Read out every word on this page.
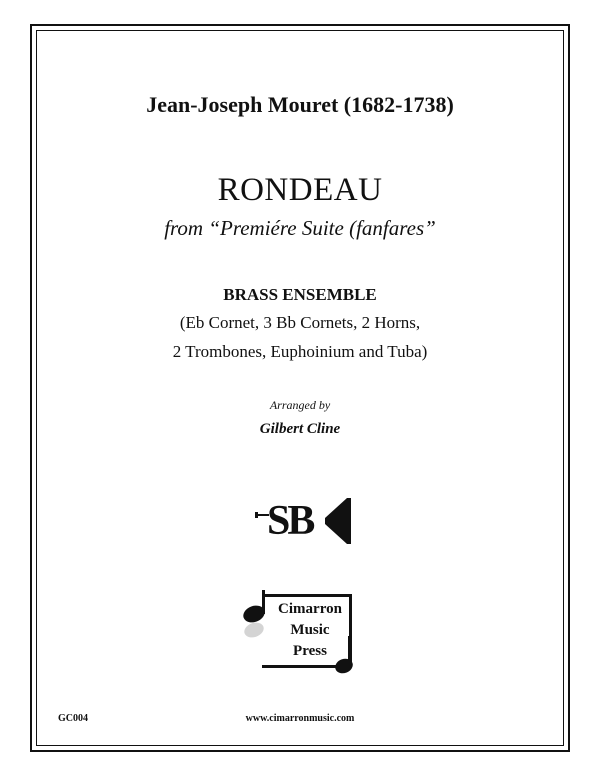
Jean-Joseph Mouret (1682-1738)
RONDEAU
from “Premiére Suite (fanfares”
BRASS ENSEMBLE
(Eb Cornet, 3 Bb Cornets, 2 Horns,
2 Trombones, Euphoinium and Tuba)
Arranged by
Gilbert Cline
SB
Cimarron
Music
Press
GC004	www.cimarronmusic.com
